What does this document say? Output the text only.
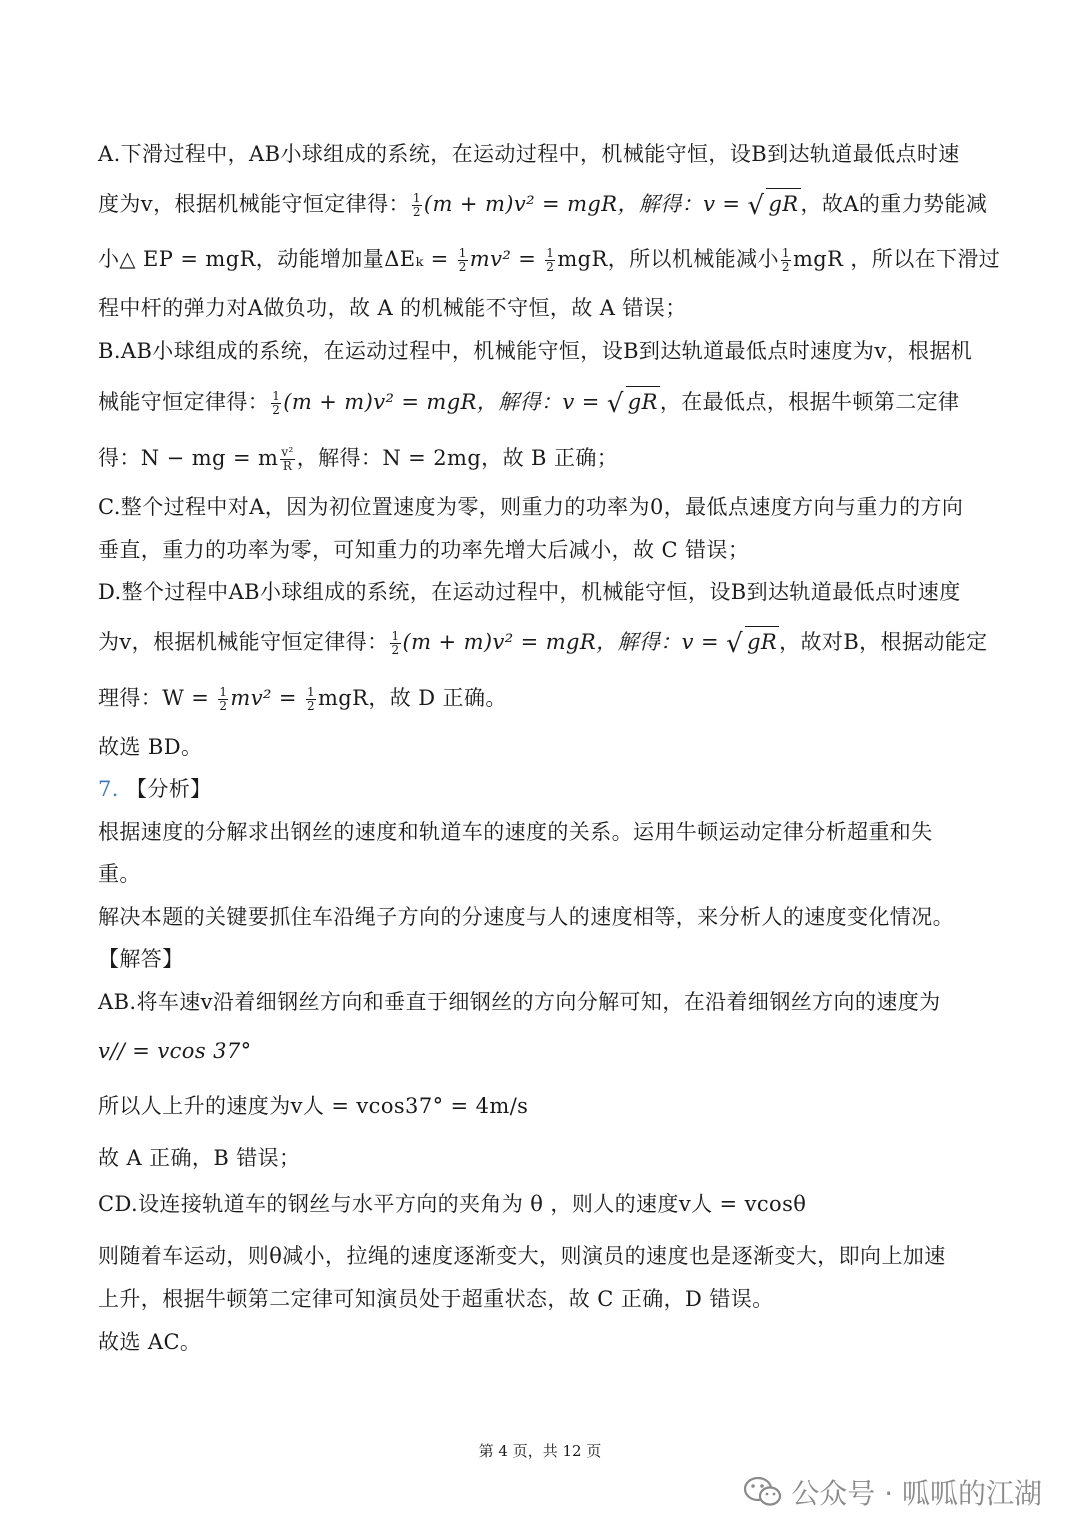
A.下滑过程中，AB小球组成的系统，在运动过程中，机械能守恒，设B到达轨道最低点时速
度为v，根据机械能守恒定律得： $\frac{1}{2} (m + m)v^2$ = mgR，解得：v = √ gR，故A的重力势能减
小△ EP = mgR，动能增加量$\Delta E_k = \frac{1}{2} mv^2 = \frac{1}{2}$ mgR，所以机械能减小 $\frac{1}{2}$ mgR ，所以在下滑过
程中杆的弹力对A做负功，故 A 的机械能不守恒，故 A 错误；
B.AB小球组成的系统，在运动过程中，机械能守恒，设B到达轨道最低点时速度为v，根据机
械能守恒定律得： $\frac{1}{2} (m + m)v^2$ = mgR，解得：v = √ gR，在最低点，根据牛顿第二定律
得：N − mg = m $\frac{\text{v²}}{R}$ ，解得：N = 2mg，故 B 正确；
C.整个过程中对A，因为初位置速度为零，则重力的功率为0，最低点速度方向与重力的方向
垂直，重力的功率为零，可知重力的功率先增大后减小，故 C 错误；
D.整个过程中AB小球组成的系统，在运动过程中，机械能守恒，设B到达轨道最低点时速度
为v，根据机械能守恒定律得： $\frac{1}{2} (m + m)v^2$ = mgR，解得：v = √ gR，故对B，根据动能定
理得：$W = \frac{1}{2} mv^2 = \frac{1}{2}$ mgR，故 D 正确。
故选 BD。
7. 【分析】
根据速度的分解求出钢丝的速度和轨道车的速度的关系。运用牛顿运动定律分析超重和失
重。
解决本题的关键要抓住车沿绳子方向的分速度与人的速度相等，来分析人的速度变化情况。
【解答】
AB.将车速v沿着细钢丝方向和垂直于细钢丝的方向分解可知，在沿着细钢丝方向的速度为
v// = vcos 37°
所以人上升的速度为v人 = vcos37° = 4m/s
故 A 正确，B 错误；
CD.设连接轨道车的钢丝与水平方向的夹角为 θ ，则人的速度v人 = vcosθ
则随着车运动，则θ减小，拉绳的速度逐渐变大，则演员的速度也是逐渐变大，即向上加速
上升，根据牛顿第二定律可知演员处于超重状态，故 C 正确，D 错误。
故选 AC。
第 4 页，共 12 页
公众号 · 呱呱的江湖
